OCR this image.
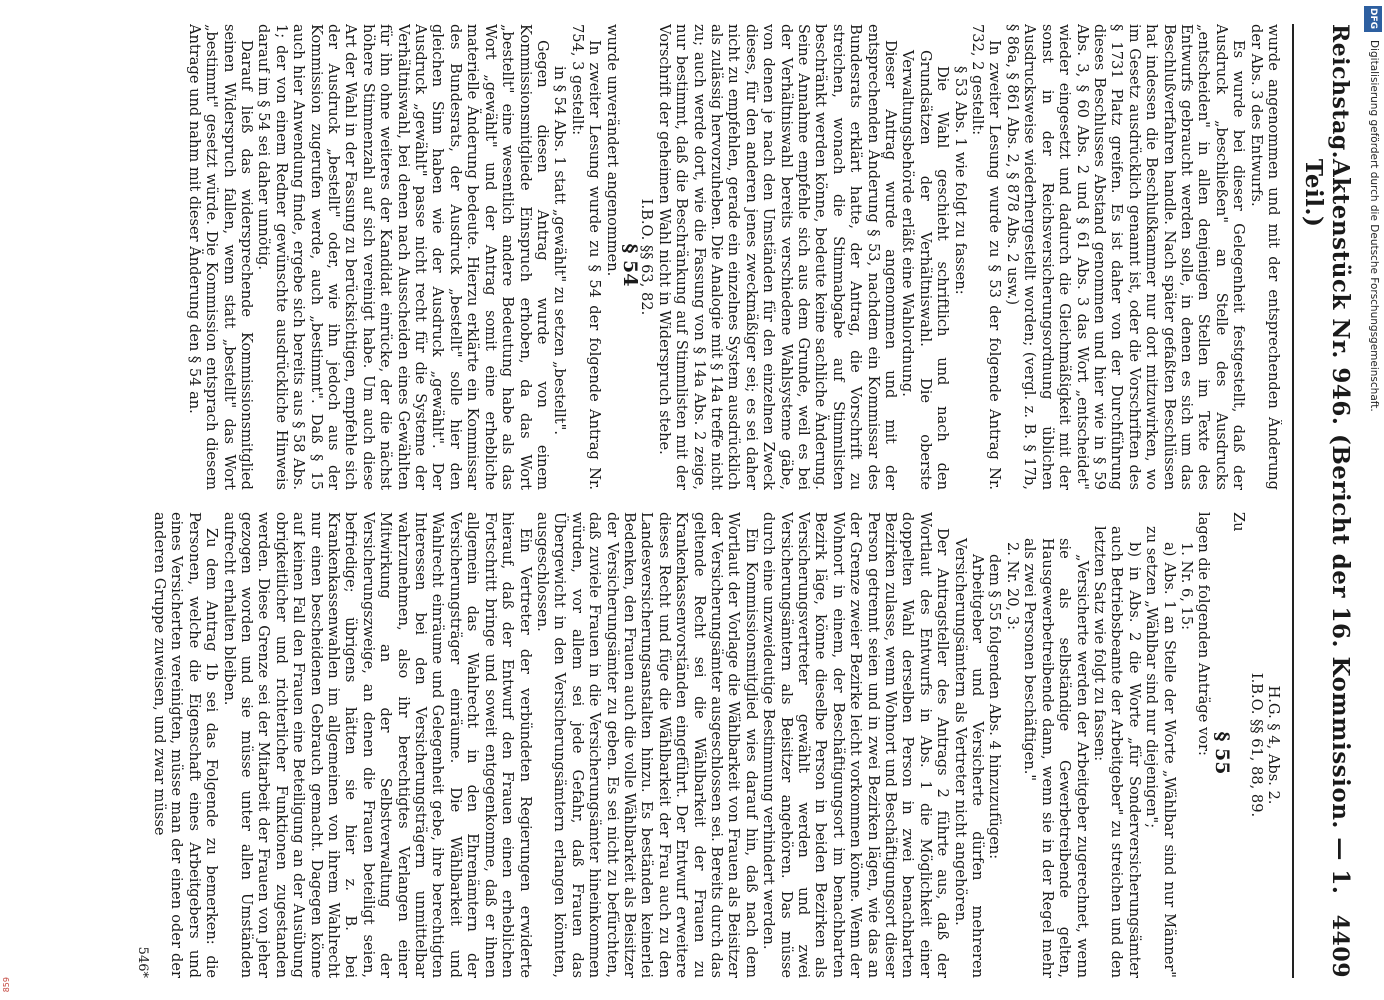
Reichstag.
Aktenstück Nr. 946. (Bericht der 16. Kommission. — 1. Teil.)
4409

wurde angenommen und mit der entsprechenden Änderung der Abs. 3 des Entwurfs.

Es wurde bei dieser Gelegenheit festgestellt, daß der Ausdruck „beschließen" an Stelle des Ausdrucks „entscheiden" in allen denjenigen Stellen im Texte des Entwurfs gebraucht werden solle, in denen es sich um das Beschlußverfahren handle. Nach später gefaßten Beschlüssen hat indessen die Beschlußkammer nur dort mitzuwirken, wo im Gesetz ausdrücklich genannt ist, oder die Vorschriften des § 1731 Platz greifen. Es ist daher von der Durchführung dieses Beschlusses Abstand genommen und hier wie in § 59 Abs. 3, § 60 Abs. 2 und § 61 Abs. 3 das Wort „entscheidet" wieder eingesetzt und dadurch die Gleichmäßigkeit mit der sonst in der Reichsversicherungsordnung üblichen Ausdrucksweise wiederhergestellt worden; (vergl. z. B. § 17b, § 86a, § 861 Abs. 2, § 878 Abs. 2 usw.)

In zweiter Lesung wurde zu § 53 der folgende Antrag Nr. 732, 2 gestellt:

§ 53 Abs. 1 wie folgt zu fassen:

Die Wahl geschieht schriftlich und nach den Grundsätzen der Verhältniswahl. Die oberste Verwaltungsbehörde erläßt eine Wahlordnung.

Dieser Antrag wurde angenommen und mit der entsprechenden Änderung § 53, nachdem ein Kommissar des Bundesrats erklärt hatte, der Antrag, die Vorschrift zu streichen, wonach die Stimmabgabe auf Stimmlisten beschränkt werden könne, bedeute keine sachliche Änderung. Seine Annahme empfehle sich aus dem Grunde, weil es bei der Verhältniswahl bereits verschiedene Wahlsysteme gäbe, von denen je nach den Umständen für den einzelnen Zweck dieses, für den anderen jenes zweckmäßiger sei; es sei daher nicht zu empfehlen, gerade ein einzelnes System ausdrücklich als zulässig hervorzuheben. Die Analogie mit § 14a treffe nicht zu; auch werde dort, wie die Fassung von § 14a Abs. 2 zeige, nur bestimmt, daß die Beschränkung auf Stimmlisten mit der Vorschrift der geheimen Wahl nicht in Widerspruch stehe.

I.B.O. §§ 63, 82.

§ 54

wurde unverändert angenommen.

In zweiter Lesung wurde zu § 54 der folgende Antrag Nr. 754, 3 gestellt:

in § 54 Abs. 1 statt „gewählt" zu setzen „bestellt".

Gegen diesen Antrag wurde von einem Kommissionsmitgliede Einspruch erhoben, da das Wort „bestellt" eine wesentlich andere Bedeutung habe als das Wort „gewählt" und der Antrag somit eine erhebliche materielle Änderung bedeute. Hierzu erklärte ein Kommissar des Bundesrats, der Ausdruck „bestellt" solle hier den gleichen Sinn haben wie der Ausdruck „gewählt". Der Ausdruck „gewählt" passe nicht recht für die Systeme der Verhältniswahl, bei denen nach Ausscheiden eines Gewählten für ihn ohne weiteres der Kandidat einrücke, der die nächst höhere Stimmenzahl auf sich vereinigt habe. Um auch diese Art der Wahl in der Fassung zu berücksichtigen, empfehle sich der Ausdruck „bestellt" oder, wie ihn jedoch aus der Kommission zugerufen werde, auch „bestimmt". Daß § 15 auch hier Anwendung finde, ergebe sich bereits aus § 58 Abs. 1; der von einem Redner gewünschte ausdrückliche Hinweis darauf im § 54 sei daher unnötig.

Darauf ließ das widersprechende Kommissionsmitglied seinen Widerspruch fallen, wenn statt „bestellt" das Wort „bestimmt" gesetzt würde. Die Kommission entsprach diesem Antrage und nahm mit dieser Änderung den § 54 an.

H.G. § 4, Abs. 2.

I.B.O. §§ 61, 88, 89.

Zu

§ 55

lagen die folgenden Anträge vor:

1. Nr. 6, 15:

a) Abs. 1 an Stelle der Worte „Wählbar sind nur Männer" zu setzen „Wählbar sind nur diejenigen";

b) in Abs. 2 die Worte „für Sonderversicherungsämter auch Betriebsbeamte der Arbeitgeber" zu streichen und den letzten Satz wie folgt zu fassen:

„Versicherte werden der Arbeitgeber zugerechnet, wenn sie als selbständige Gewerbetreibende gelten, Hausgewerbetreibende dann, wenn sie in der Regel mehr als zwei Personen beschäftigen."

2. Nr. 20, 3:

dem § 55 folgenden Abs. 4 hinzuzufügen:

Arbeitgeber und Versicherte dürfen mehreren Versicherungsämtern als Vertreter nicht angehören.

Der Antragsteller des Antrags 2 führte aus, daß der Wortlaut des Entwurfs in Abs. 1 die Möglichkeit einer doppelten Wahl derselben Person in zwei benachbarten Bezirken zulasse, wenn Wohnort und Beschäftigungsort dieser Person getrennt seien und in zwei Bezirken lägen, wie das an der Grenze zweier Bezirke leicht vorkommen könne. Wenn der Wohnort in einem, der Beschäftigungsort im benachbarten Bezirk läge, könne dieselbe Person in beiden Bezirken als Versicherungsvertreter gewählt werden und zwei Versicherungsämtern als Beisitzer angehören. Das müsse durch eine unzweideutige Bestimmung verhindert werden.

Ein Kommissionsmitglied wies darauf hin, daß nach dem Wortlaut der Vorlage die Wählbarkeit von Frauen als Beisitzer der Versicherungsämter ausgeschlossen sei. Bereits durch das geltende Recht sei die Wählbarkeit der Frauen zu Krankenkassenvorständen eingeführt. Der Entwurf erweitere dieses Recht und füge die Wählbarkeit der Frau auch zu den Landesversicherungsanstalten hinzu. Es beständen keinerlei Bedenken, den Frauen auch die volle Wählbarkeit als Beisitzer der Versicherungsämter zu geben. Es sei nicht zu befürchten, daß zuviele Frauen in die Versicherungsämter hineinkommen würden, vor allem sei jede Gefahr, daß Frauen das Übergewicht in den Versicherungsämtern erlangen könnten, ausgeschlossen.

Ein Vertreter der verbündeten Regierungen erwiderte hierauf, daß der Entwurf den Frauen einen erheblichen Fortschritt bringe und soweit entgegenkomme, daß er ihnen allgemein das Wahlrecht in den Ehrenämtern der Versicherungsträger einräume. Die Wählbarkeit und Wahlrecht einräume und Gelegenheit gebe, ihre berechtigten Interessen bei den Versicherungsträgern unmittelbar wahrzunehmen, also ihr berechtigtes Verlangen einer Mitwirkung an der Selbstverwaltung der Versicherungszweige, an denen die Frauen beteiligt seien, befriedige; übrigens hätten sie hier z. B. bei Krankenkassenwahlen im allgemeinen von ihrem Wahlrecht nur einen bescheidenen Gebrauch gemacht. Dagegen könne auf keinen Fall den Frauen eine Beteiligung an der Ausübung obrigkeitlicher und richterlicher Funktionen zugestanden werden. Diese Grenze sei der Mitarbeit der Frauen von jeher gezogen worden und sie müsse unter allen Umständen aufrecht erhalten bleiben.

Zu dem Antrag 1b sei das Folgende zu bemerken: die Personen, welche die Eigenschaft eines Arbeitgebers und eines Versicherten vereinigten, müsse man der einen oder der anderen Gruppe zuweisen, und zwar müsse

546*

DFG
Digitalisierung gefördert durch die Deutsche Forschungsgemeinschaft.
859
